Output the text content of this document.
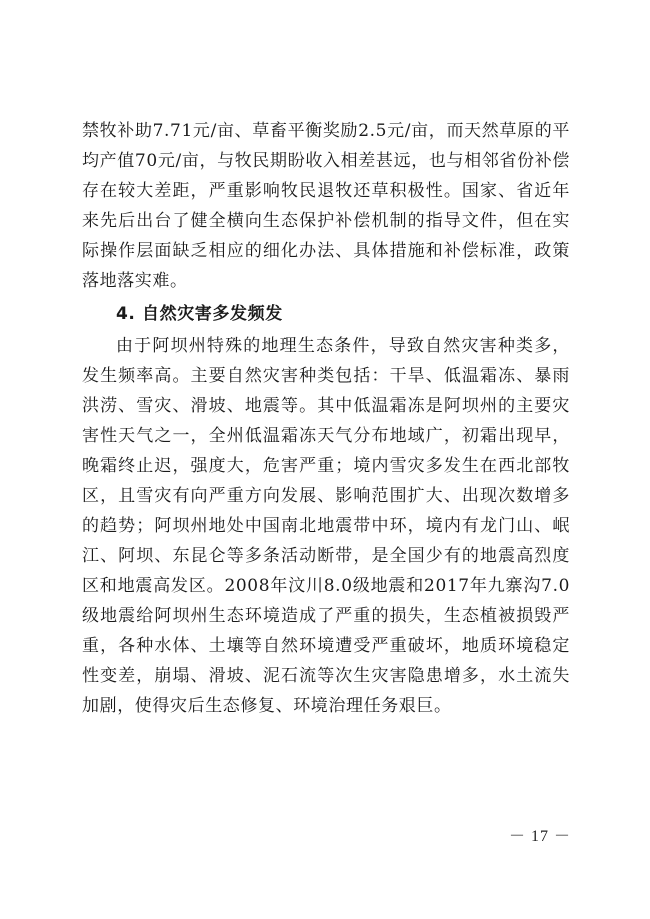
禁牧补助7.71元/亩、草畜平衡奖励2.5元/亩，而天然草原的平均产值70元/亩，与牧民期盼收入相差甚远，也与相邻省份补偿存在较大差距，严重影响牧民退牧还草积极性。国家、省近年来先后出台了健全横向生态保护补偿机制的指导文件，但在实际操作层面缺乏相应的细化办法、具体措施和补偿标准，政策落地落实难。

4. 自然灾害多发频发

由于阿坝州特殊的地理生态条件，导致自然灾害种类多，发生频率高。主要自然灾害种类包括：干旱、低温霜冻、暴雨洪涝、雪灾、滑坡、地震等。其中低温霜冻是阿坝州的主要灾害性天气之一，全州低温霜冻天气分布地域广，初霜出现早，晚霜终止迟，强度大，危害严重；境内雪灾多发生在西北部牧区，且雪灾有向严重方向发展、影响范围扩大、出现次数增多的趋势；阿坝州地处中国南北地震带中环，境内有龙门山、岷江、阿坝、东昆仑等多条活动断带，是全国少有的地震高烈度区和地震高发区。2008年汶川8.0级地震和2017年九寨沟7.0级地震给阿坝州生态环境造成了严重的损失，生态植被损毁严重，各种水体、土壤等自然环境遭受严重破坏，地质环境稳定性变差，崩塌、滑坡、泥石流等次生灾害隐患增多，水土流失加剧，使得灾后生态修复、环境治理任务艰巨。

－ 17 －
